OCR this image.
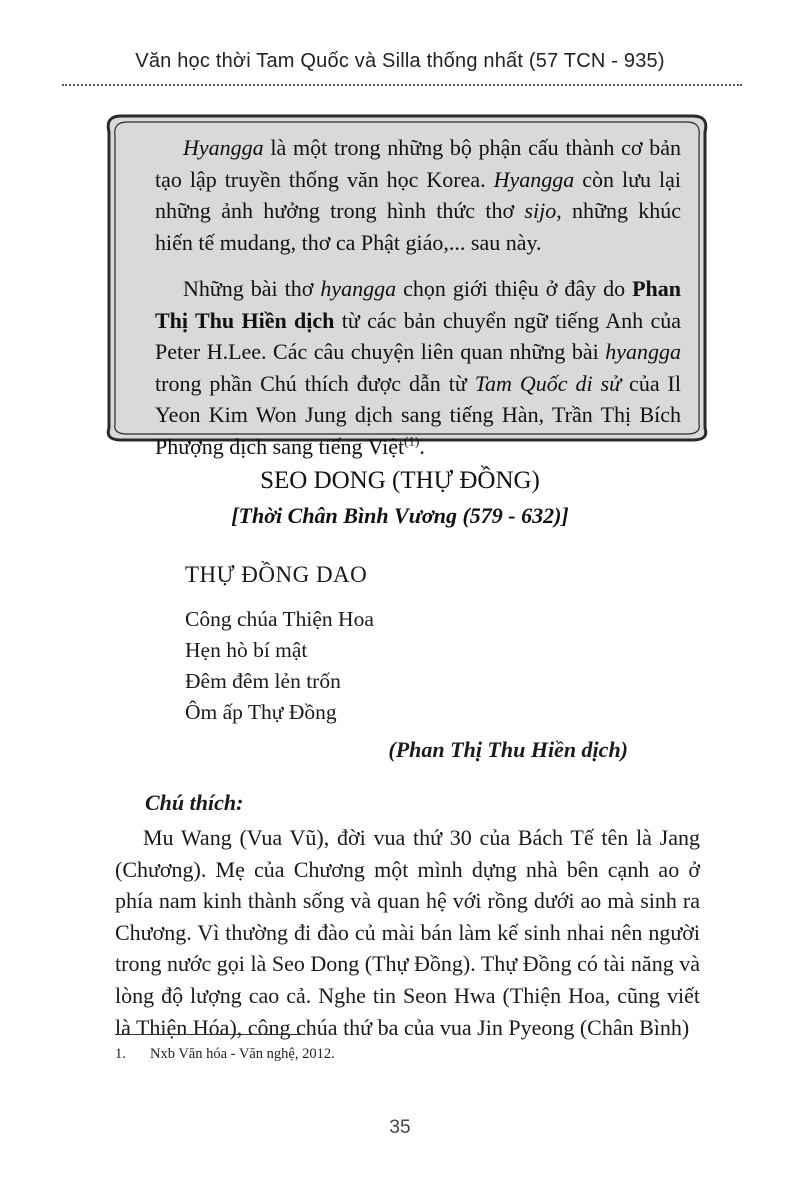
Văn học thời Tam Quốc và Silla thống nhất (57 TCN - 935)

Hyangga là một trong những bộ phận cấu thành cơ bản tạo lập truyền thống văn học Korea. Hyangga còn lưu lại những ảnh hưởng trong hình thức thơ sijo, những khúc hiến tế mudang, thơ ca Phật giáo,... sau này.

Những bài thơ hyangga chọn giới thiệu ở đây do Phan Thị Thu Hiền dịch từ các bản chuyển ngữ tiếng Anh của Peter H.Lee. Các câu chuyện liên quan những bài hyangga trong phần Chú thích được dẫn từ Tam Quốc di sử của Il Yeon Kim Won Jung dịch sang tiếng Hàn, Trần Thị Bích Phượng dịch sang tiếng Việt$^{(1)}$.

SEO DONG (THỰ ĐỒNG)
[Thời Chân Bình Vương (579 - 632)]
THỰ ĐỒNG DAO
Công chúa Thiện Hoa
Hẹn hò bí mật
Đêm đêm lẻn trốn
Ôm ấp Thự Đồng
(Phan Thị Thu Hiền dịch)
Chú thích:

Mu Wang (Vua Vũ), đời vua thứ 30 của Bách Tế tên là Jang (Chương). Mẹ của Chương một mình dựng nhà bên cạnh ao ở phía nam kinh thành sống và quan hệ với rồng dưới ao mà sinh ra Chương. Vì thường đi đào củ mài bán làm kế sinh nhai nên người trong nước gọi là Seo Dong (Thự Đồng). Thự Đồng có tài năng và lòng độ lượng cao cả. Nghe tin Seon Hwa (Thiện Hoa, cũng viết là Thiện Hóa), công chúa thứ ba của vua Jin Pyeong (Chân Bình)

1. Nxb Văn hóa - Văn nghệ, 2012.
35
